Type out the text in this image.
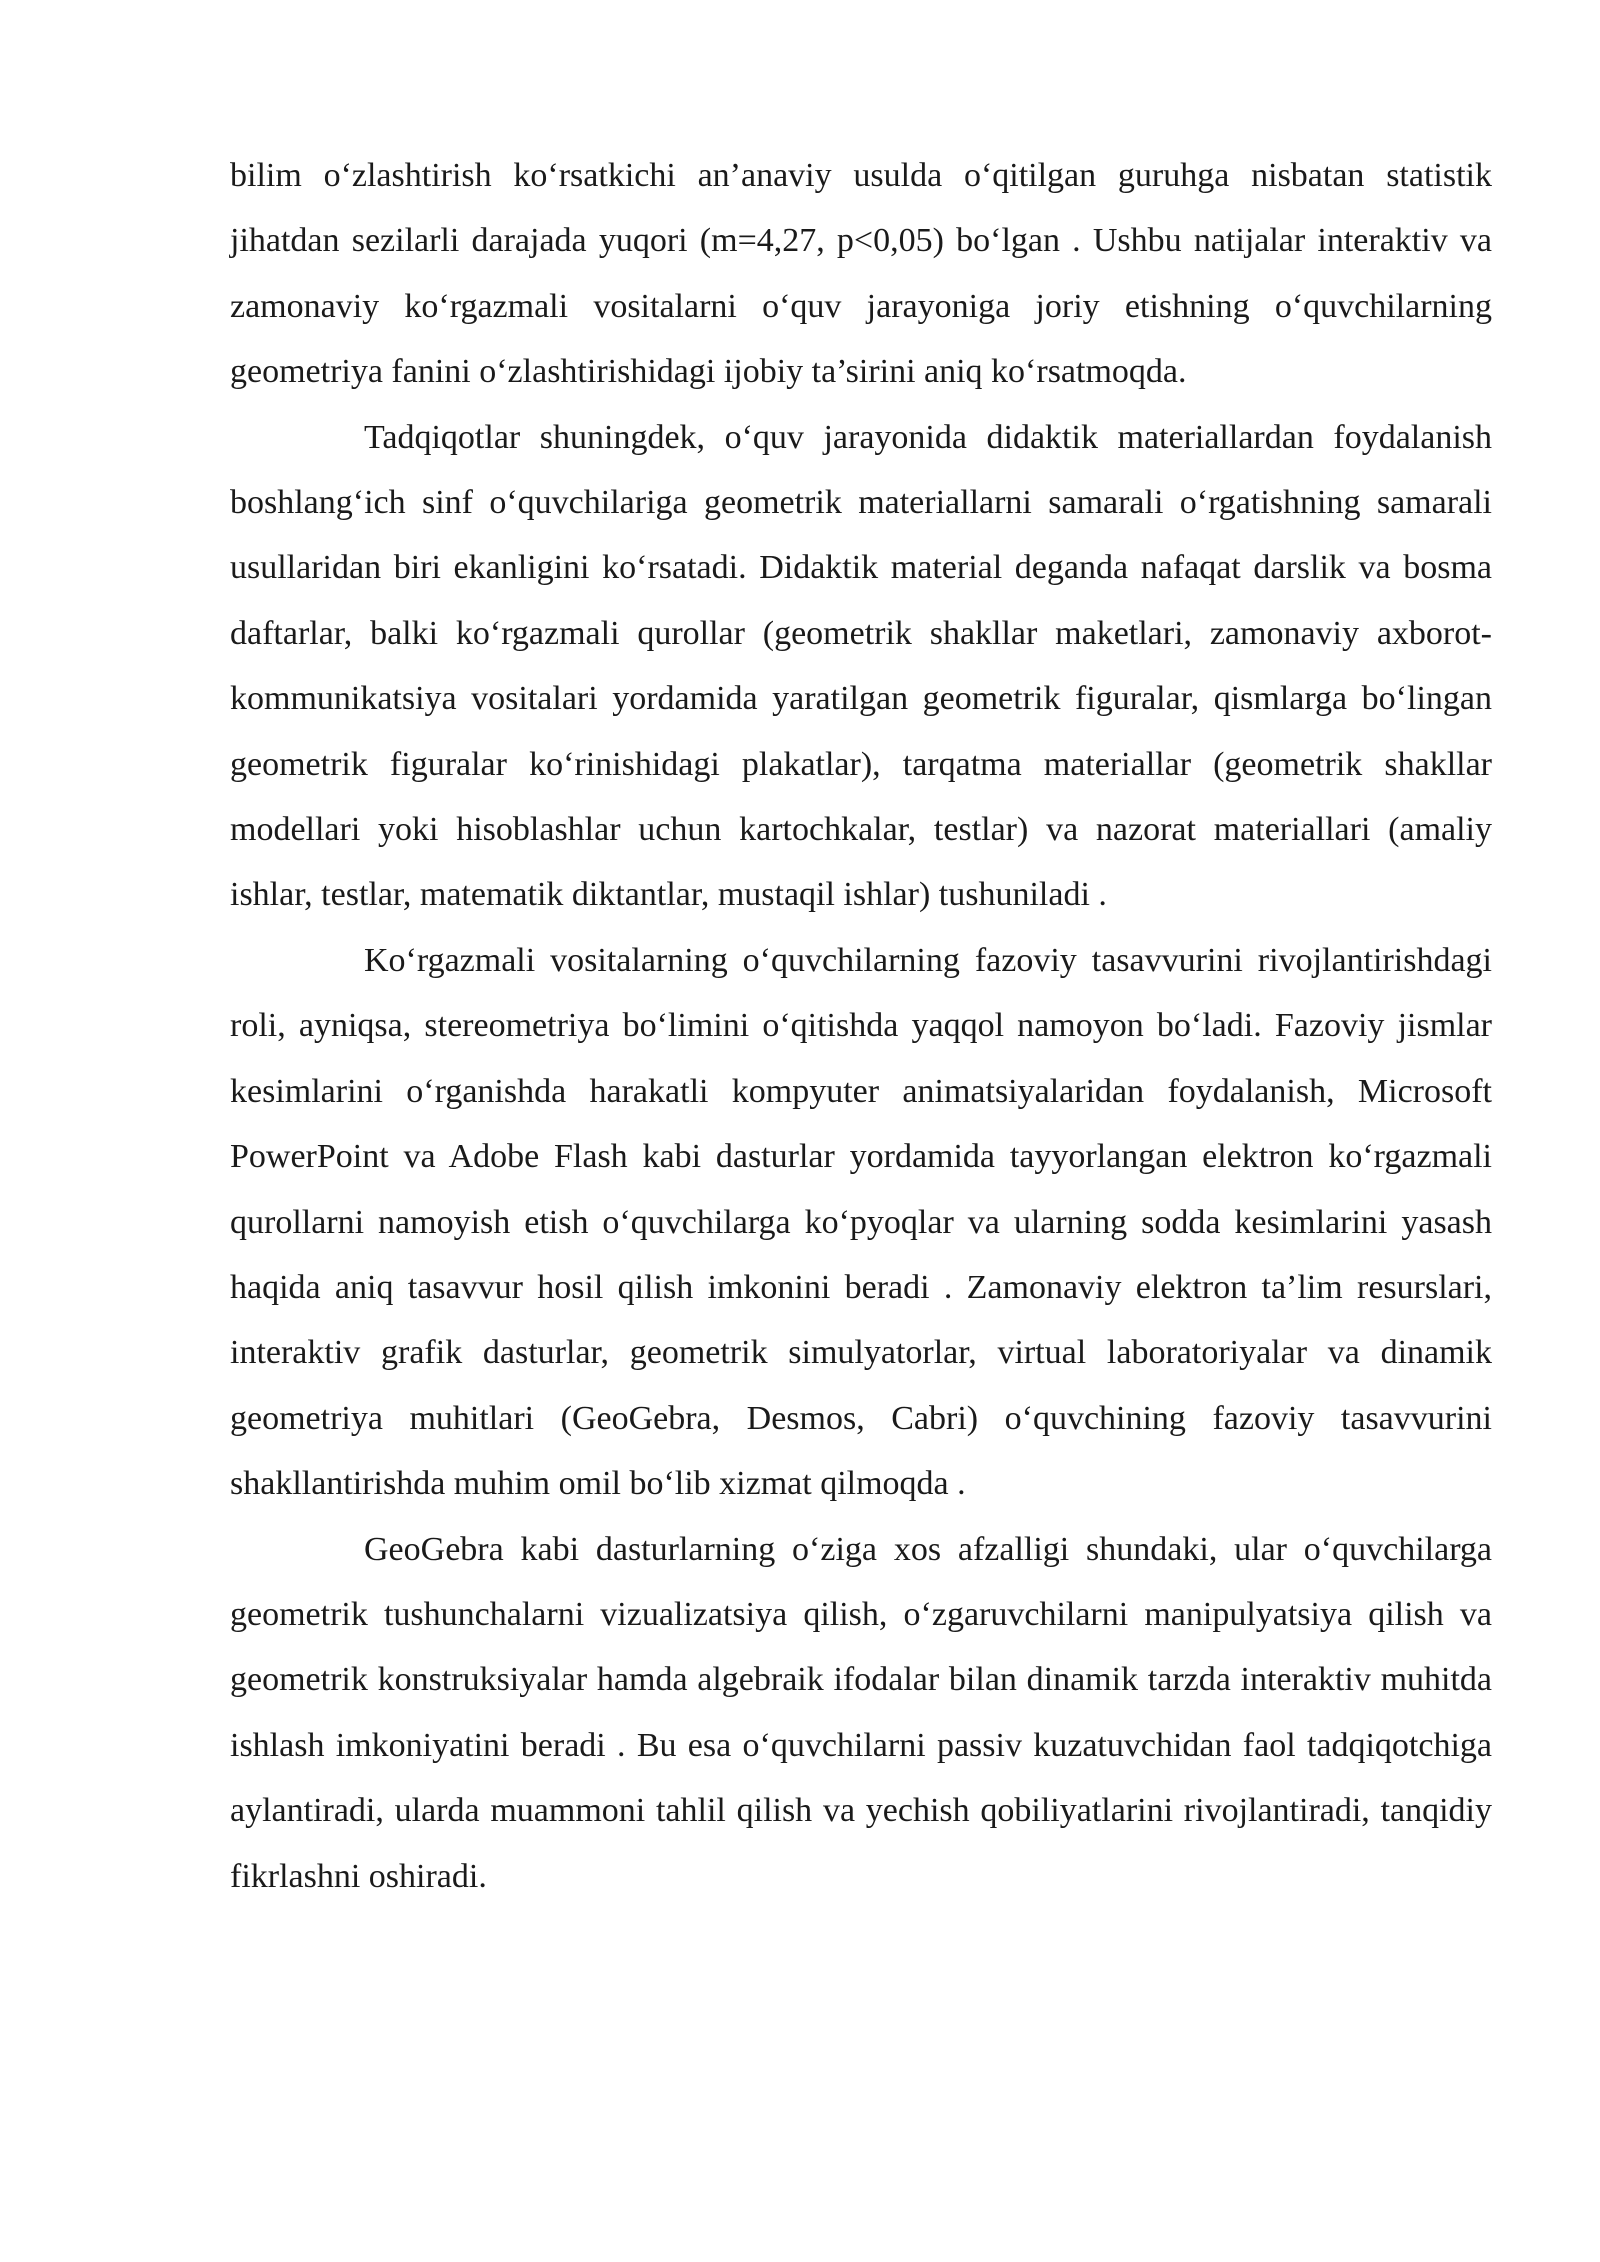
bilim o‘zlashtirish ko‘rsatkichi an’anaviy usulda o‘qitilgan guruhga nisbatan statistik jihatdan sezilarli darajada yuqori (m=4,27, p<0,05) bo‘lgan . Ushbu natijalar interaktiv va zamonaviy ko‘rgazmali vositalarni o‘quv jarayoniga joriy etishning o‘quvchilarning geometriya fanini o‘zlashtirishidagi ijobiy ta’sirini aniq ko‘rsatmoqda.

Tadqiqotlar shuningdek, o‘quv jarayonida didaktik materiallardan foydalanish boshlang‘ich sinf o‘quvchilariga geometrik materiallarni samarali o‘rgatishning samarali usullaridan biri ekanligini ko‘rsatadi. Didaktik material deganda nafaqat darslik va bosma daftarlar, balki ko‘rgazmali qurollar (geometrik shakllar maketlari, zamonaviy axborot-kommunikatsiya vositalari yordamida yaratilgan geometrik figuralar, qismlarga bo‘lingan geometrik figuralar ko‘rinishidagi plakatlar), tarqatma materiallar (geometrik shakllar modellari yoki hisoblashlar uchun kartochkalar, testlar) va nazorat materiallari (amaliy ishlar, testlar, matematik diktantlar, mustaqil ishlar) tushuniladi .

Ko‘rgazmali vositalarning o‘quvchilarning fazoviy tasavvurini rivojlantirishdagi roli, ayniqsa, stereometriya bo‘limini o‘qitishda yaqqol namoyon bo‘ladi. Fazoviy jismlar kesimlarini o‘rganishda harakatli kompyuter animatsiyalaridan foydalanish, Microsoft PowerPoint va Adobe Flash kabi dasturlar yordamida tayyorlangan elektron ko‘rgazmali qurollarni namoyish etish o‘quvchilarga ko‘pyoqlar va ularning sodda kesimlarini yasash haqida aniq tasavvur hosil qilish imkonini beradi . Zamonaviy elektron ta’lim resurslari, interaktiv grafik dasturlar, geometrik simulyatorlar, virtual laboratoriyalar va dinamik geometriya muhitlari (GeoGebra, Desmos, Cabri) o‘quvchining fazoviy tasavvurini shakllantirishda muhim omil bo‘lib xizmat qilmoqda .

GeoGebra kabi dasturlarning o‘ziga xos afzalligi shundaki, ular o‘quvchilarga geometrik tushunchalarni vizualizatsiya qilish, o‘zgaruvchilarni manipulyatsiya qilish va geometrik konstruksiyalar hamda algebraik ifodalar bilan dinamik tarzda interaktiv muhitda ishlash imkoniyatini beradi . Bu esa o‘quvchilarni passiv kuzatuvchidan faol tadqiqotchiga aylantiradi, ularda muammoni tahlil qilish va yechish qobiliyatlarini rivojlantiradi, tanqidiy fikrlashni oshiradi.
